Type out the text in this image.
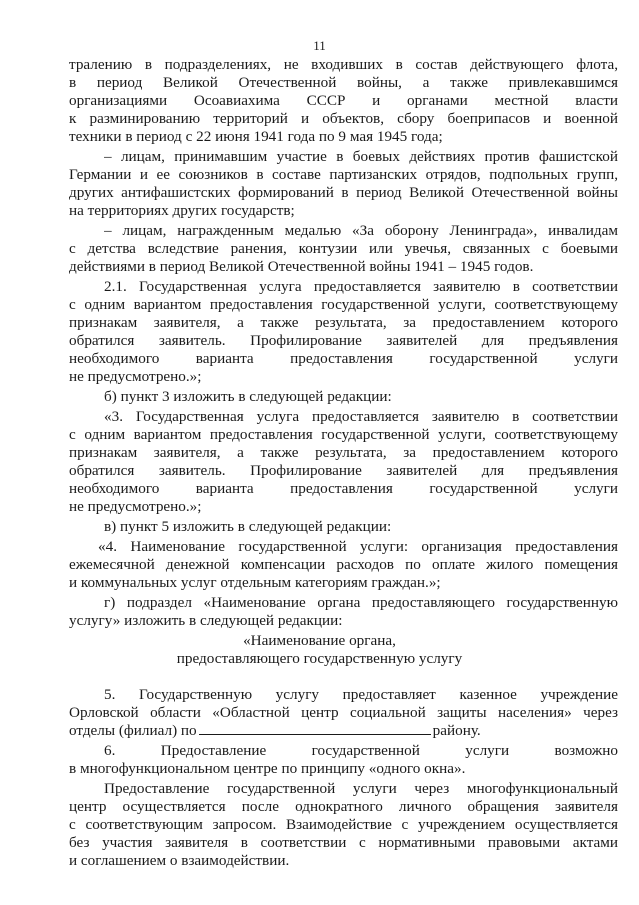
11
тралению в подразделениях, не входивших в состав действующего флота,
в период Великой Отечественной войны, а также привлекавшимся
организациями Осоавиахима СССР и органами местной власти
к разминированию территорий и объектов, сбору боеприпасов и военной
техники в период с 22 июня 1941 года по 9 мая 1945 года;
– лицам, принимавшим участие в боевых действиях против фашистской
Германии и ее союзников в составе партизанских отрядов, подпольных групп,
других антифашистских формирований в период Великой Отечественной войны
на территориях других государств;
– лицам, награжденным медалью «За оборону Ленинграда», инвалидам
с детства вследствие ранения, контузии или увечья, связанных с боевыми
действиями в период Великой Отечественной войны 1941 – 1945 годов.
2.1. Государственная услуга предоставляется заявителю в соответствии
с одним вариантом предоставления государственной услуги, соответствующему
признакам заявителя, а также результата, за предоставлением которого
обратился заявитель. Профилирование заявителей для предъявления
необходимого варианта предоставления государственной услуги
не предусмотрено.»;
б) пункт 3 изложить в следующей редакции:
«3. Государственная услуга предоставляется заявителю в соответствии
с одним вариантом предоставления государственной услуги, соответствующему
признакам заявителя, а также результата, за предоставлением которого
обратился заявитель. Профилирование заявителей для предъявления
необходимого варианта предоставления государственной услуги
не предусмотрено.»;
в) пункт 5 изложить в следующей редакции:
«4. Наименование государственной услуги: организация предоставления
ежемесячной денежной компенсации расходов по оплате жилого помещения
и коммунальных услуг отдельным категориям граждан.»;
г) подраздел «Наименование органа предоставляющего государственную
услугу» изложить в следующей редакции:
«Наименование органа,
предоставляющего государственную услугу
5. Государственную услугу предоставляет казенное учреждение
Орловской области «Областной центр социальной защиты населения» через
отделы (филиал) по	району.
6. Предоставление государственной услуги возможно
в многофункциональном центре по принципу «одного окна».
Предоставление государственной услуги через многофункциональный
центр осуществляется после однократного личного обращения заявителя
с соответствующим запросом. Взаимодействие с учреждением осуществляется
без участия заявителя в соответствии с нормативными правовыми актами
и соглашением о взаимодействии.
